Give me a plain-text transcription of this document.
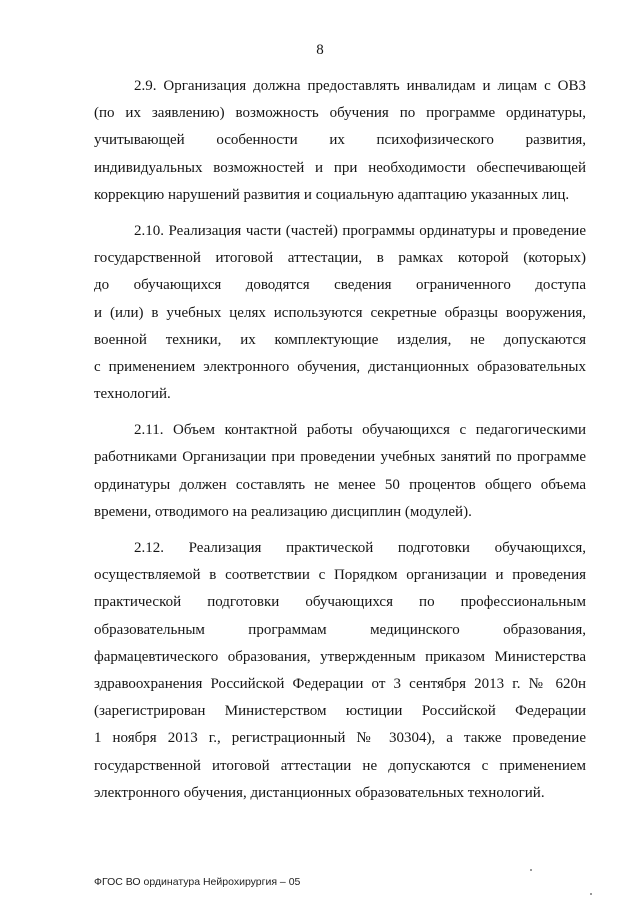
8
2.9. Организация должна предоставлять инвалидам и лицам с ОВЗ
(по их заявлению) возможность обучения по программе ординатуры,
учитывающей особенности их психофизического развития,
индивидуальных возможностей и при необходимости обеспечивающей
коррекцию нарушений развития и социальную адаптацию указанных лиц.
2.10. Реализация части (частей) программы ординатуры и проведение
государственной итоговой аттестации, в рамках которой (которых)
до обучающихся доводятся сведения ограниченного доступа
и (или) в учебных целях используются секретные образцы вооружения,
военной техники, их комплектующие изделия, не допускаются
с применением электронного обучения, дистанционных образовательных
технологий.
2.11. Объем контактной работы обучающихся с педагогическими
работниками Организации при проведении учебных занятий по программе
ординатуры должен составлять не менее 50 процентов общего объема
времени, отводимого на реализацию дисциплин (модулей).
2.12. Реализация практической подготовки обучающихся,
осуществляемой в соответствии с Порядком организации и проведения
практической подготовки обучающихся по профессиональным
образовательным программам медицинского образования,
фармацевтического образования, утвержденным приказом Министерства
здравоохранения Российской Федерации от 3 сентября 2013 г. № 620н
(зарегистрирован Министерством юстиции Российской Федерации
1 ноября 2013 г., регистрационный № 30304), а также проведение
государственной итоговой аттестации не допускаются с применением
электронного обучения, дистанционных образовательных технологий.
ФГОС ВО ординатура Нейрохирургия – 05
